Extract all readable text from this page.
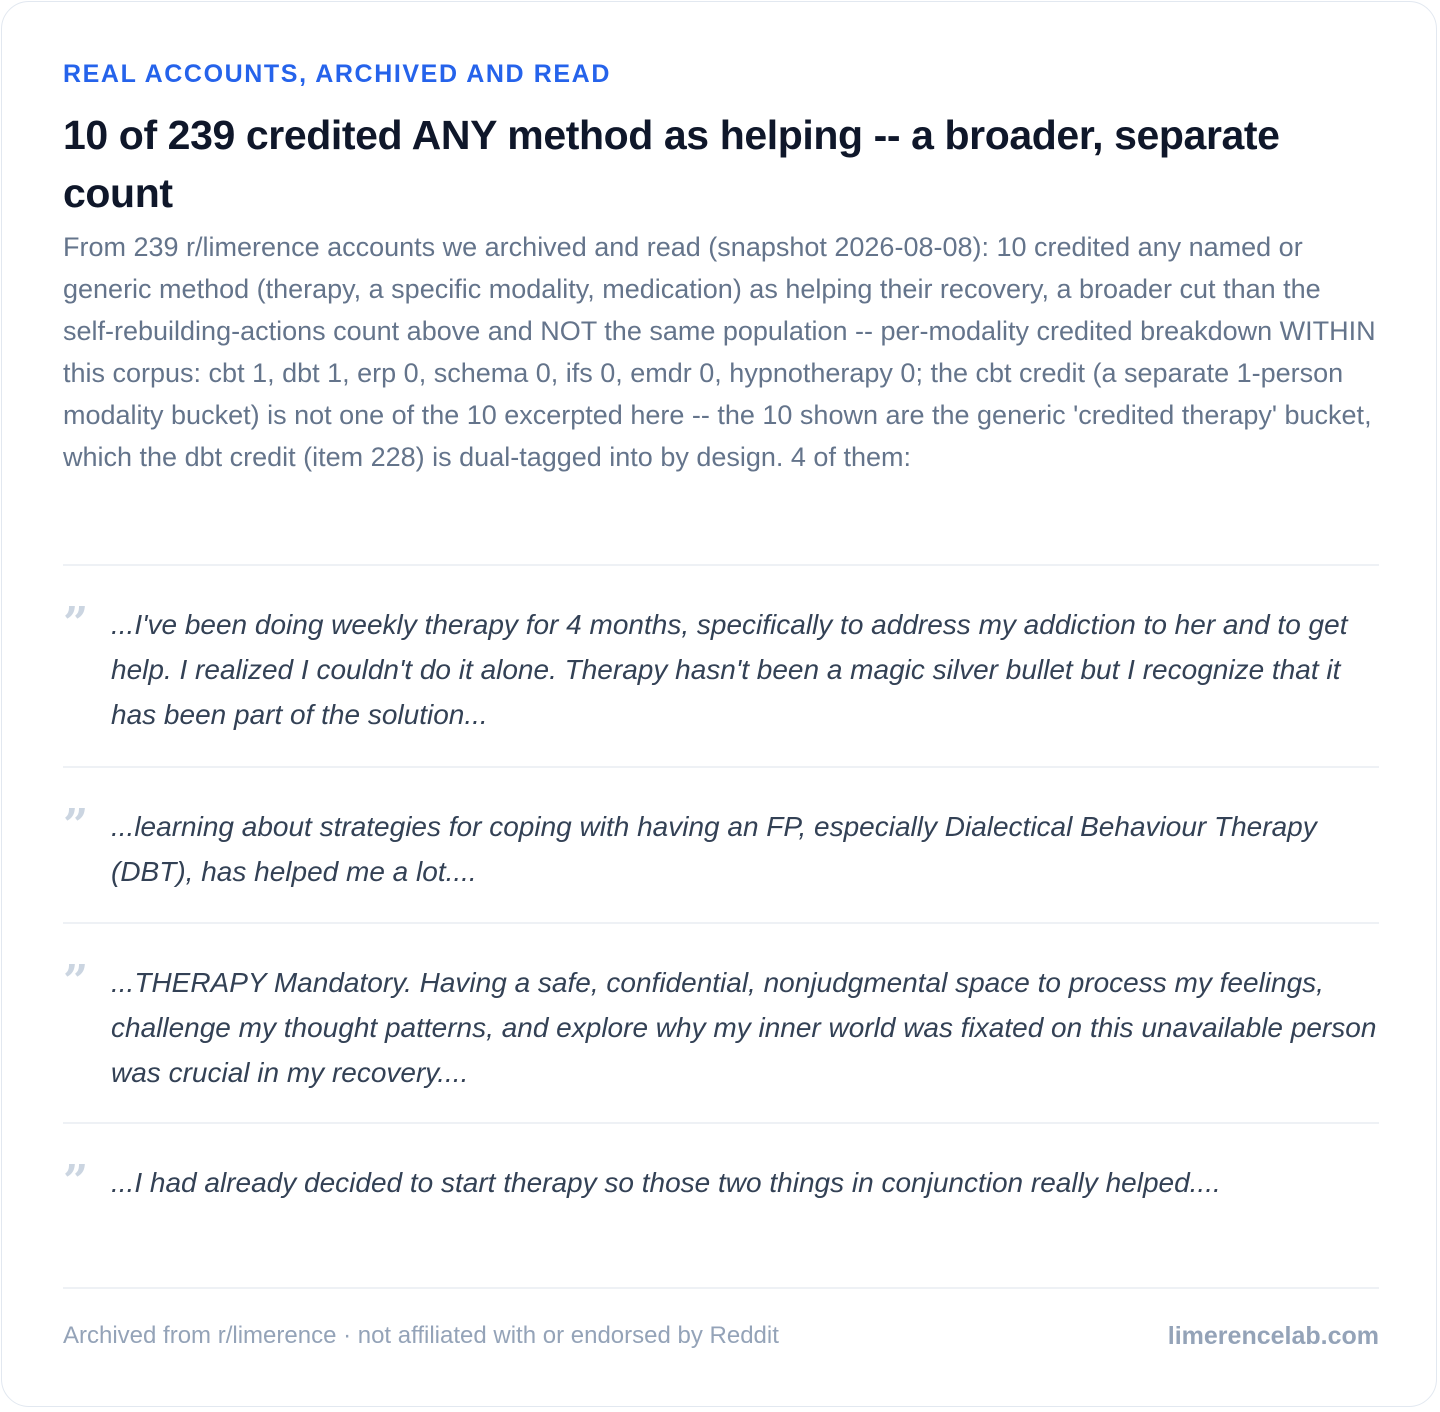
REAL ACCOUNTS, ARCHIVED AND READ
10 of 239 credited ANY method as helping -- a broader, separate count

From 239 r/limerence accounts we archived and read (snapshot 2026-08-08): 10 credited any named or generic method (therapy, a specific modality, medication) as helping their recovery, a broader cut than the self-rebuilding-actions count above and NOT the same population -- per-modality credited breakdown WITHIN this corpus: cbt 1, dbt 1, erp 0, schema 0, ifs 0, emdr 0, hypnotherapy 0; the cbt credit (a separate 1-person modality bucket) is not one of the 10 excerpted here -- the 10 shown are the generic 'credited therapy' bucket, which the dbt credit (item 228) is dual-tagged into by design. 4 of them:

” ...I've been doing weekly therapy for 4 months, specifically to address my addiction to her and to get help. I realized I couldn't do it alone. Therapy hasn't been a magic silver bullet but I recognize that it has been part of the solution...

” ...learning about strategies for coping with having an FP, especially Dialectical Behaviour Therapy (DBT), has helped me a lot....

” ...THERAPY Mandatory. Having a safe, confidential, nonjudgmental space to process my feelings, challenge my thought patterns, and explore why my inner world was fixated on this unavailable person was crucial in my recovery....

” ...I had already decided to start therapy so those two things in conjunction really helped....

Archived from r/limerence · not affiliated with or endorsed by Reddit	limerencelab.com
